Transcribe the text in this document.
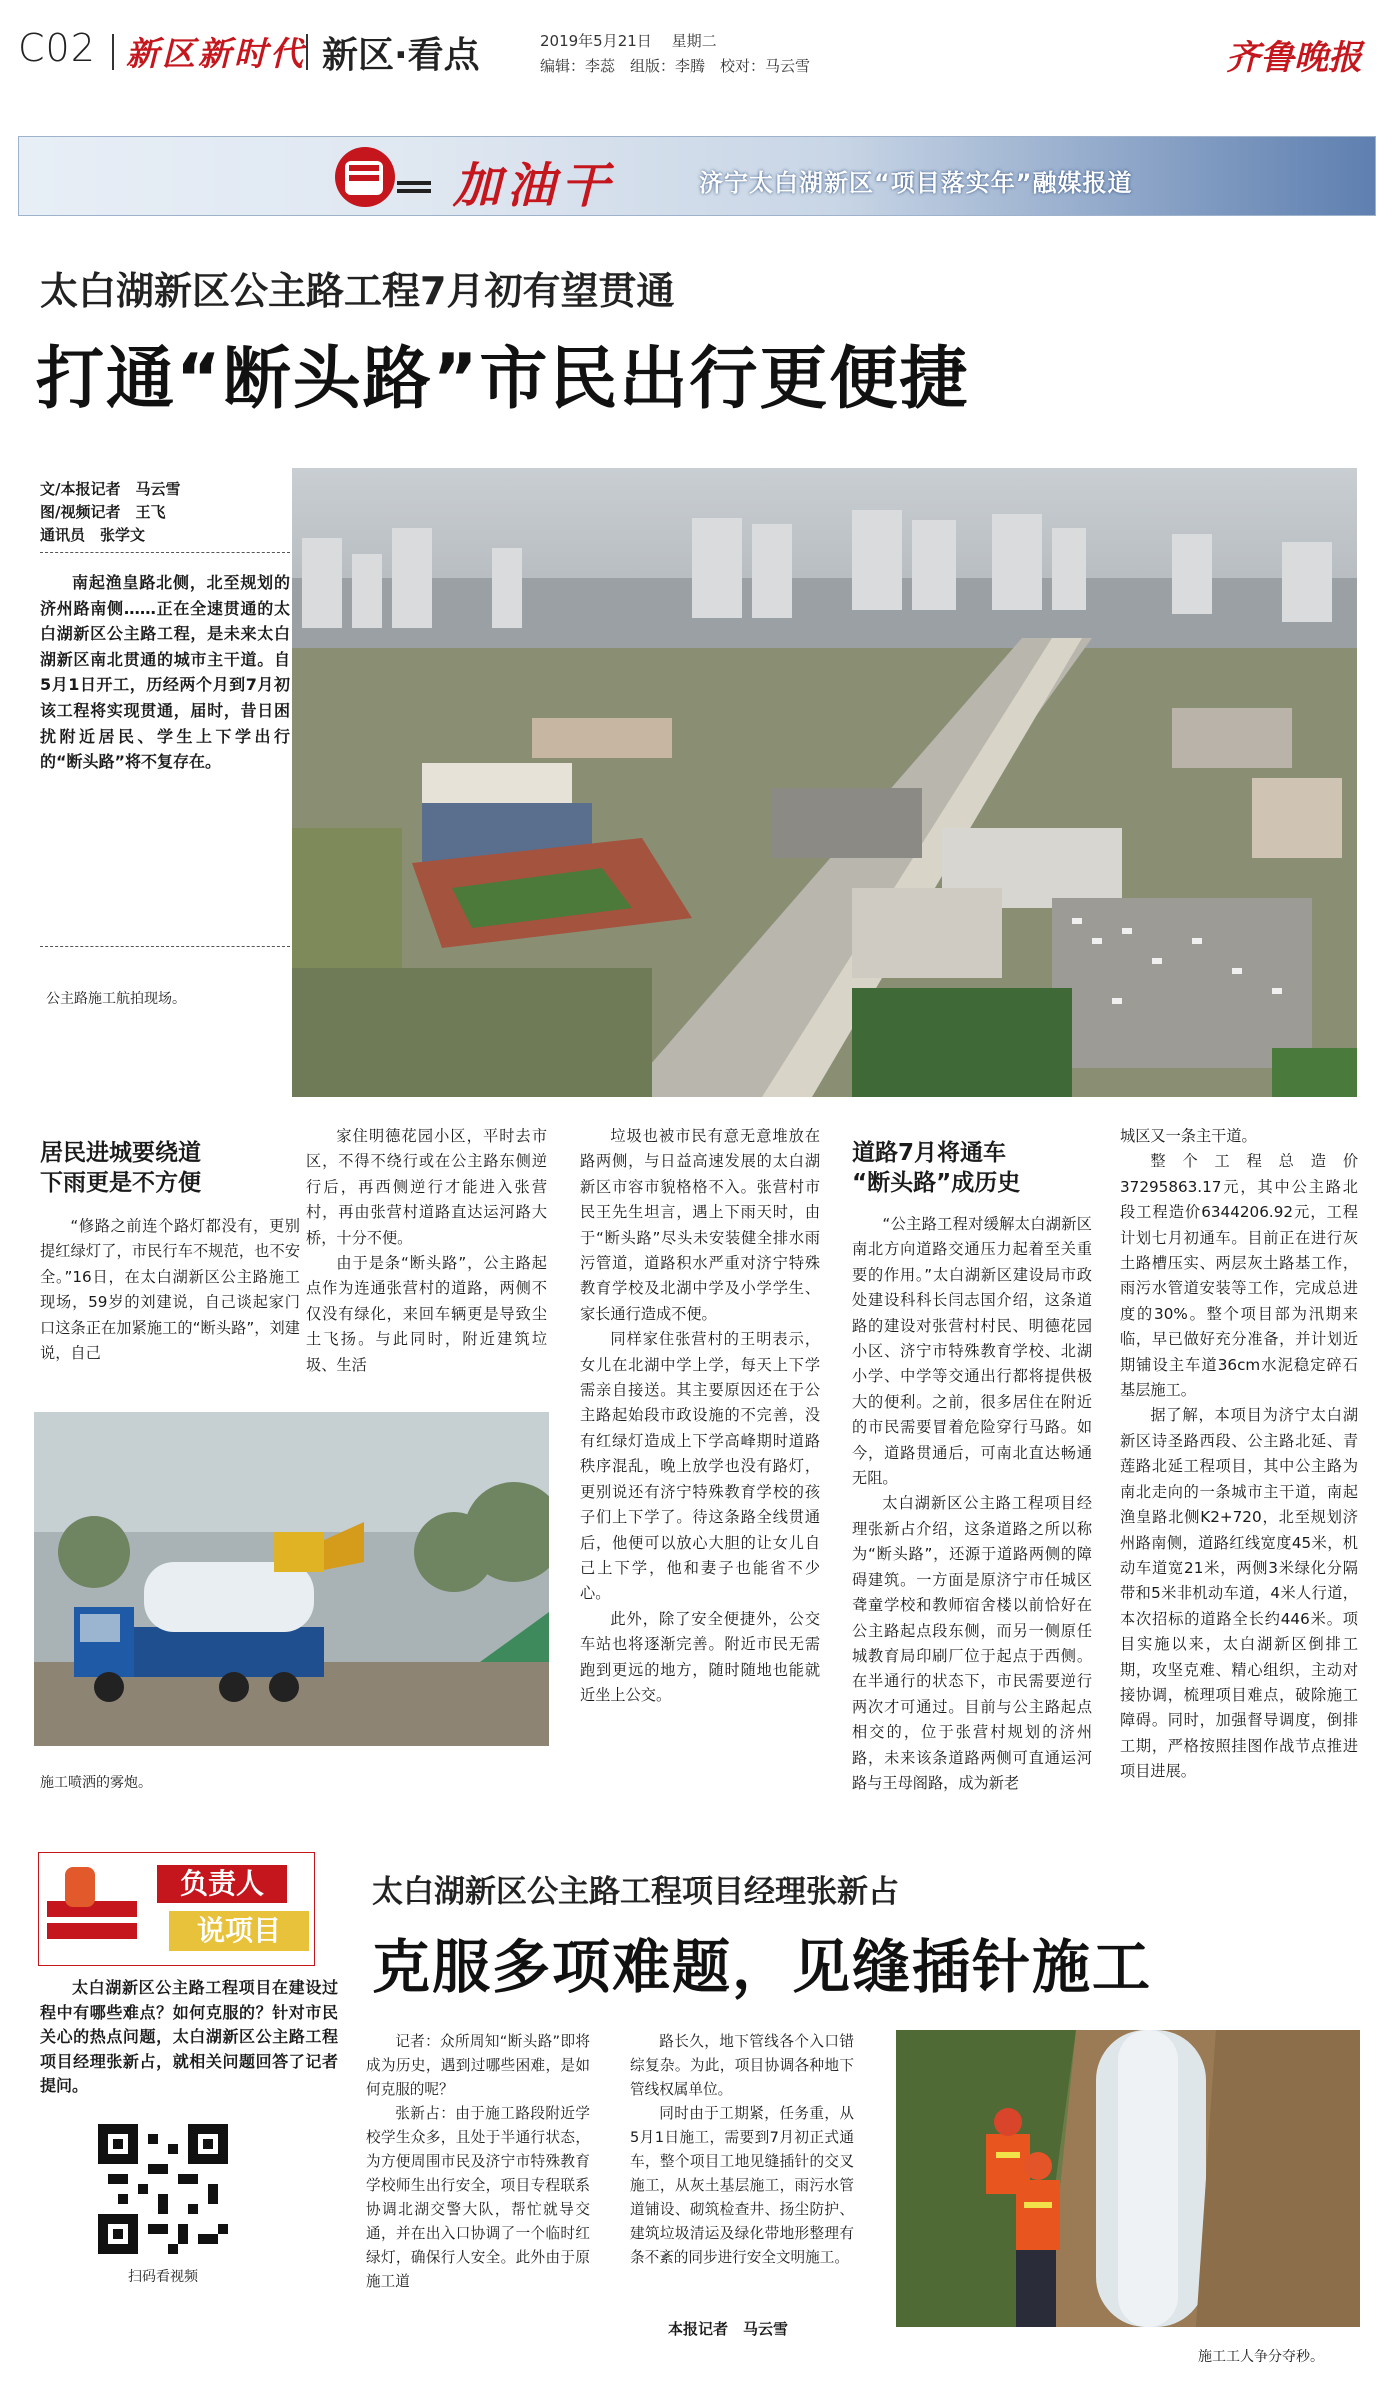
C02 新区新时代 新区·看点	2019年5月21日　 星期二
编辑：李蕊　组版：李腾　校对：马云雪	齐鲁晚报
加油干	济宁太白湖新区“项目落实年”融媒报道
太白湖新区公主路工程7月初有望贯通
打通“断头路”市民出行更便捷
文/本报记者　马云雪
图/视频记者　王飞
通讯员　张学文

南起渔皇路北侧，北至规划的济州路南侧……正在全速贯通的太白湖新区公主路工程，是未来太白湖新区南北贯通的城市主干道。自5月1日开工，历经两个月到7月初该工程将实现贯通，届时，昔日困扰附近居民、学生上下学出行的“断头路”将不复存在。

公主路施工航拍现场。
居民进城要绕道
下雨更是不方便

“修路之前连个路灯都没有，更别提红绿灯了，市民行车不规范，也不安全。”16日，在太白湖新区公主路施工现场，59岁的刘建说，自己谈起家门口这条正在加紧施工的“断头路”，刘建说，自己

施工喷洒的雾炮。

家住明德花园小区，平时去市区，不得不绕行或在公主路东侧逆行后，再西侧逆行才能进入张营村，再由张营村道路直达运河路大桥，十分不便。

由于是条“断头路”，公主路起点作为连通张营村的道路，两侧不仅没有绿化，来回车辆更是导致尘土飞扬。与此同时，附近建筑垃圾、生活

垃圾也被市民有意无意堆放在路两侧，与日益高速发展的太白湖新区市容市貌格格不入。张营村市民王先生坦言，遇上下雨天时，由于“断头路”尽头未安装健全排水雨污管道，道路积水严重对济宁特殊教育学校及北湖中学及小学学生、家长通行造成不便。

同样家住张营村的王明表示，女儿在北湖中学上学，每天上下学需亲自接送。其主要原因还在于公主路起始段市政设施的不完善，没有红绿灯造成上下学高峰期时道路秩序混乱，晚上放学也没有路灯，更别说还有济宁特殊教育学校的孩子们上下学了。待这条路全线贯通后，他便可以放心大胆的让女儿自己上下学，他和妻子也能省不少心。

此外，除了安全便捷外，公交车站也将逐渐完善。附近市民无需跑到更远的地方，随时随地也能就近坐上公交。

道路7月将通车
“断头路”成历史

“公主路工程对缓解太白湖新区南北方向道路交通压力起着至关重要的作用。”太白湖新区建设局市政处建设科科长闫志国介绍，这条道路的建设对张营村村民、明德花园小区、济宁市特殊教育学校、北湖小学、中学等交通出行都将提供极大的便利。之前，很多居住在附近的市民需要冒着危险穿行马路。如今，道路贯通后，可南北直达畅通无阻。

太白湖新区公主路工程项目经理张新占介绍，这条道路之所以称为“断头路”，还源于道路两侧的障碍建筑。一方面是原济宁市任城区聋童学校和教师宿舍楼以前恰好在公主路起点段东侧，而另一侧原任城教育局印刷厂位于起点于西侧。在半通行的状态下，市民需要逆行两次才可通过。目前与公主路起点相交的，位于张营村规划的济州路，未来该条道路两侧可直通运河路与王母阁路，成为新老

城区又一条主干道。

整个工程总造价37295863.17元，其中公主路北段工程造价6344206.92元，工程计划七月初通车。目前正在进行灰土路槽压实、两层灰土路基工作，雨污水管道安装等工作，完成总进度的30%。整个项目部为汛期来临，早已做好充分准备，并计划近期铺设主车道36cm水泥稳定碎石基层施工。

据了解，本项目为济宁太白湖新区诗圣路西段、公主路北延、青莲路北延工程项目，其中公主路为南北走向的一条城市主干道，南起渔皇路北侧K2+720，北至规划济州路南侧，道路红线宽度45米，机动车道宽21米，两侧3米绿化分隔带和5米非机动车道，4米人行道，本次招标的道路全长约446米。项目实施以来，太白湖新区倒排工期，攻坚克难、精心组织，主动对接协调，梳理项目难点，破除施工障碍。同时，加强督导调度，倒排工期，严格按照挂图作战节点推进项目进展。

负责人
说项目
太白湖新区公主路工程项目经理张新占
克服多项难题，见缝插针施工

太白湖新区公主路工程项目在建设过程中有哪些难点？如何克服的？针对市民关心的热点问题，太白湖新区公主路工程项目经理张新占，就相关问题回答了记者提问。

扫码看视频

记者：众所周知“断头路”即将成为历史，遇到过哪些困难，是如何克服的呢？

张新占：由于施工路段附近学校学生众多，且处于半通行状态，为方便周围市民及济宁市特殊教育学校师生出行安全，项目专程联系协调北湖交警大队，帮忙就导交通，并在出入口协调了一个临时红绿灯，确保行人安全。此外由于原施工道

路长久，地下管线各个入口错综复杂。为此，项目协调各种地下管线权属单位。

同时由于工期紧，任务重，从5月1日施工，需要到7月初正式通车，整个项目工地见缝插针的交叉施工，从灰土基层施工，雨污水管道铺设、砌筑检查井、扬尘防护、建筑垃圾清运及绿化带地形整理有条不紊的同步进行安全文明施工。

本报记者　马云雪
施工工人争分夺秒。
